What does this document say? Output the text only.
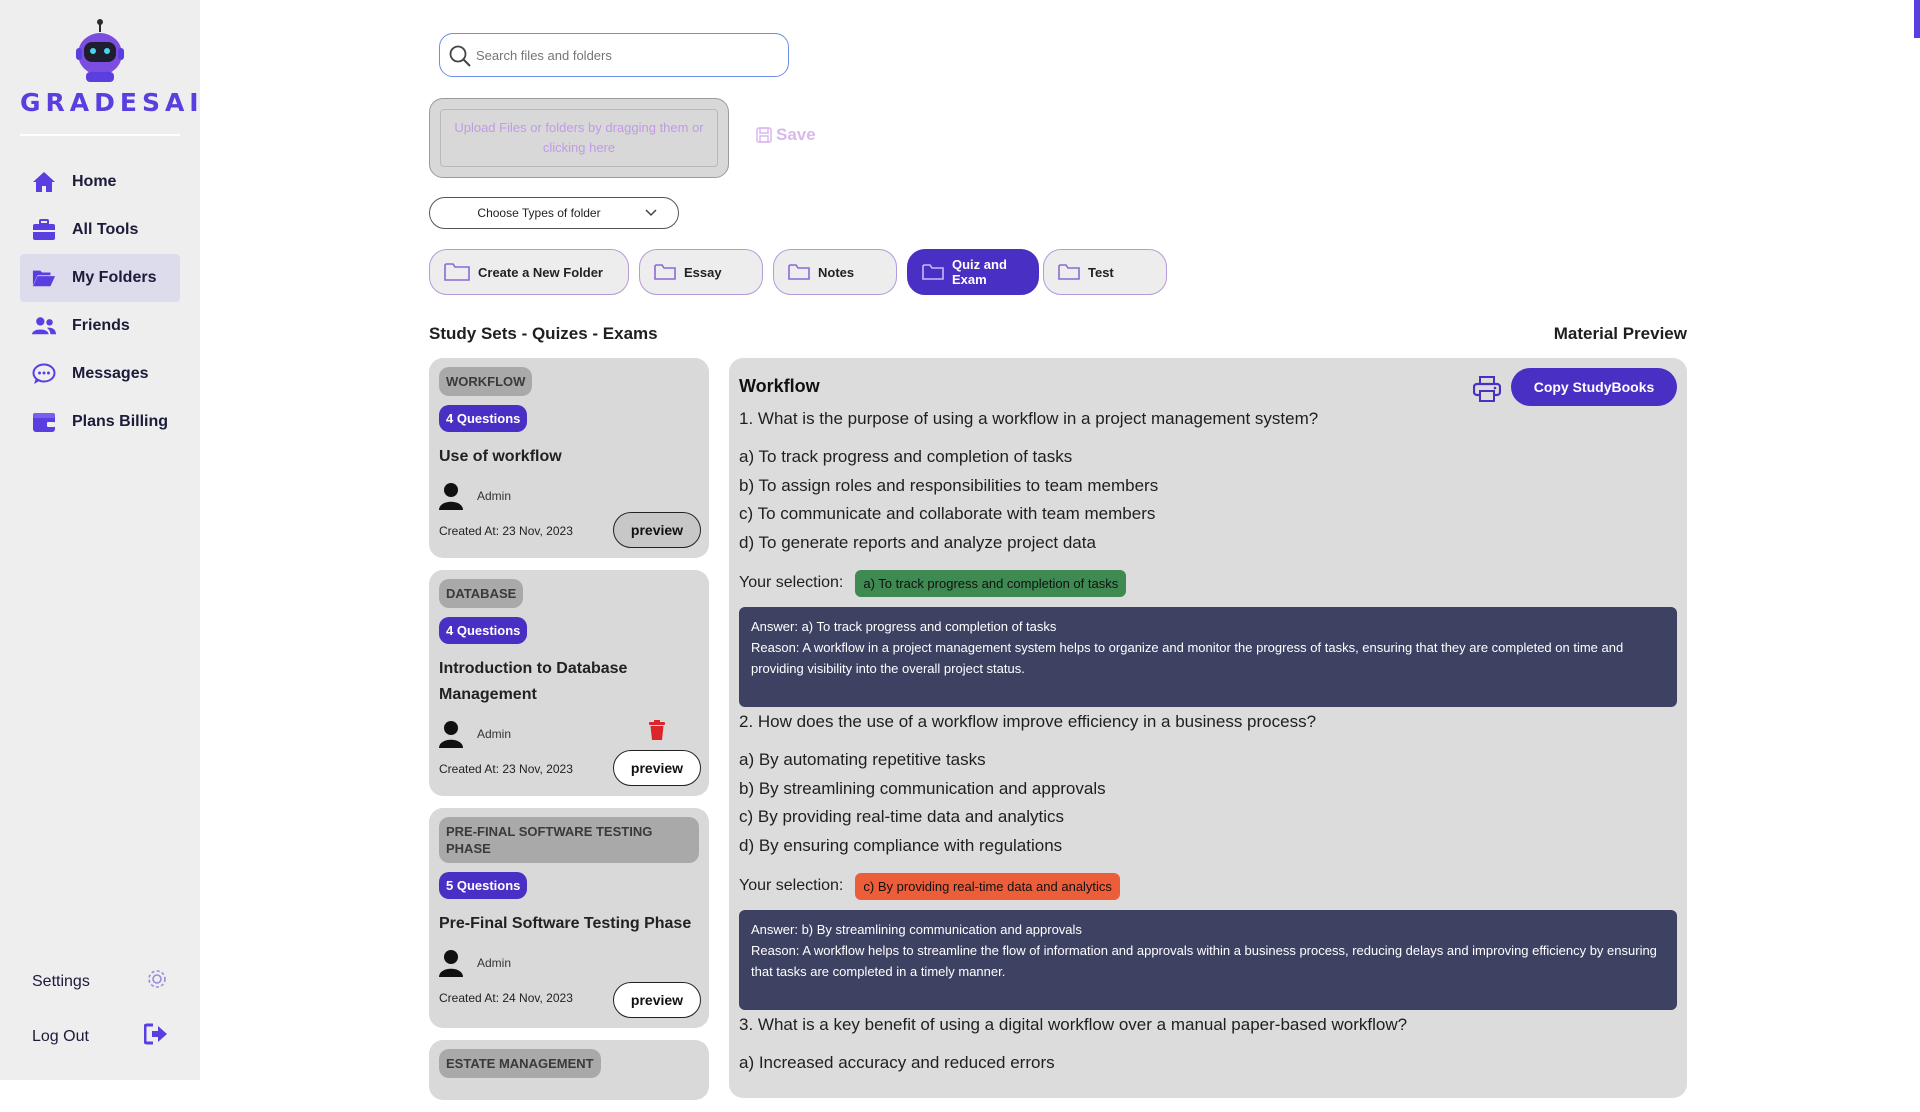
GRADESAI
Home
All Tools
My Folders
Friends
Messages
Plans Billing
Settings
Log Out
Search files and folders
Upload Files or folders by dragging them or clicking here
Save
Choose Types of folder
Create a New Folder	Essay	Notes	Quiz and Exam	Test
Study Sets - Quizes - Exams	Material Preview
WORKFLOW
4 Questions
Use of workflow
Admin
Created At: 23 Nov, 2023	preview
DATABASE
4 Questions
Introduction to Database Management
Admin
Created At: 23 Nov, 2023	preview
PRE-FINAL SOFTWARE TESTING PHASE
5 Questions
Pre-Final Software Testing Phase
Admin
Created At: 24 Nov, 2023	preview
ESTATE MANAGEMENT
Workflow	Copy StudyBooks
1. What is the purpose of using a workflow in a project management system?
a) To track progress and completion of tasks
b) To assign roles and responsibilities to team members
c) To communicate and collaborate with team members
d) To generate reports and analyze project data
Your selection:	a) To track progress and completion of tasks
Answer: a) To track progress and completion of tasks
Reason: A workflow in a project management system helps to organize and monitor the progress of tasks, ensuring that they are completed on time and providing visibility into the overall project status.
2. How does the use of a workflow improve efficiency in a business process?
a) By automating repetitive tasks
b) By streamlining communication and approvals
c) By providing real-time data and analytics
d) By ensuring compliance with regulations
Your selection:	c) By providing real-time data and analytics
Answer: b) By streamlining communication and approvals
Reason: A workflow helps to streamline the flow of information and approvals within a business process, reducing delays and improving efficiency by ensuring that tasks are completed in a timely manner.
3. What is a key benefit of using a digital workflow over a manual paper-based workflow?
a) Increased accuracy and reduced errors
